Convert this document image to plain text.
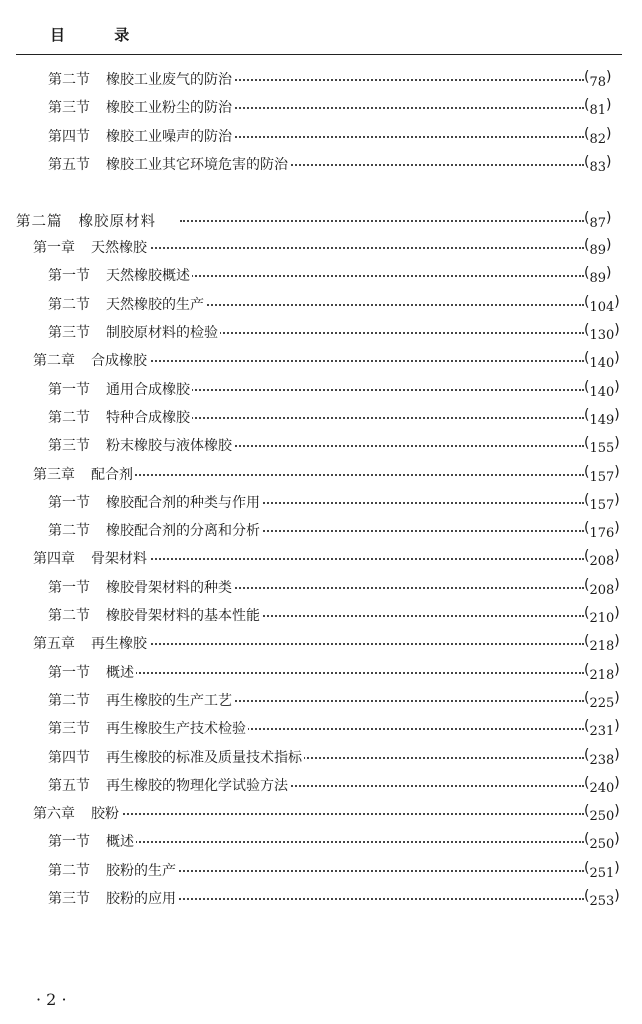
目 录
第二节 橡胶工业废气的防治	(78)
第三节 橡胶工业粉尘的防治	(81)
第四节 橡胶工业噪声的防治	(82)
第五节 橡胶工业其它环境危害的防治	(83)
第二篇 橡胶原材料	(87)
第一章 天然橡胶	(89)
第一节 天然橡胶概述	(89)
第二节 天然橡胶的生产	(104)
第三节 制胶原材料的检验	(130)
第二章 合成橡胶	(140)
第一节 通用合成橡胶	(140)
第二节 特种合成橡胶	(149)
第三节 粉末橡胶与液体橡胶	(155)
第三章 配合剂	(157)
第一节 橡胶配合剂的种类与作用	(157)
第二节 橡胶配合剂的分离和分析	(176)
第四章 骨架材料	(208)
第一节 橡胶骨架材料的种类	(208)
第二节 橡胶骨架材料的基本性能	(210)
第五章 再生橡胶	(218)
第一节 概述	(218)
第二节 再生橡胶的生产工艺	(225)
第三节 再生橡胶生产技术检验	(231)
第四节 再生橡胶的标准及质量技术指标	(238)
第五节 再生橡胶的物理化学试验方法	(240)
第六章 胶粉	(250)
第一节 概述	(250)
第二节 胶粉的生产	(251)
第三节 胶粉的应用	(253)
· 2 ·
